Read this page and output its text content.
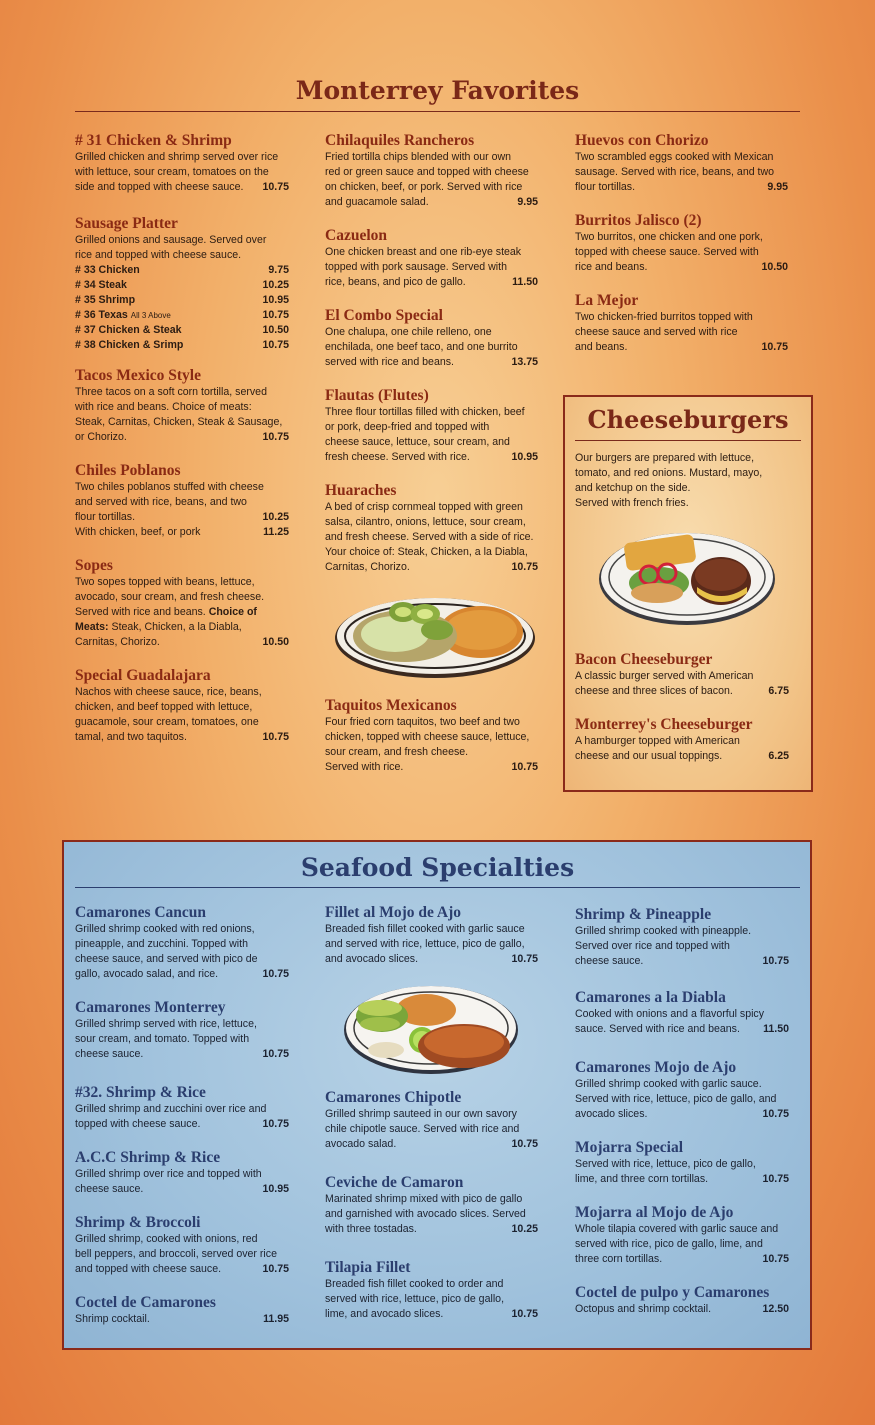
Monterrey Favorites
# 31 Chicken & Shrimp
Grilled chicken and shrimp served over rice
with lettuce, sour cream, tomatoes on the
side and topped with cheese sauce.	10.75
Sausage Platter
Grilled onions and sausage. Served over
rice and topped with cheese sauce.
# 33 Chicken	9.75
# 34 Steak	10.25
# 35 Shrimp	10.95
# 36 Texas All 3 Above	10.75
# 37 Chicken & Steak	10.50
# 38 Chicken & Srimp	10.75
Tacos Mexico Style
Three tacos on a soft corn tortilla, served
with rice and beans. Choice of meats:
Steak, Carnitas, Chicken, Steak & Sausage,
or Chorizo.	10.75
Chiles Poblanos
Two chiles poblanos stuffed with cheese
and served with rice, beans, and two
flour tortillas.	10.25
With chicken, beef, or pork	11.25
Sopes
Two sopes topped with beans, lettuce,
avocado, sour cream, and fresh cheese.
Served with rice and beans. Choice of
Meats: Steak, Chicken, a la Diabla,
Carnitas, Chorizo.	10.50
Special Guadalajara
Nachos with cheese sauce, rice, beans,
chicken, and beef topped with lettuce,
guacamole, sour cream, tomatoes, one
tamal, and two taquitos.	10.75
Chilaquiles Rancheros
Fried tortilla chips blended with our own
red or green sauce and topped with cheese
on chicken, beef, or pork. Served with rice
and guacamole salad.	9.95
Cazuelon
One chicken breast and one rib-eye steak
topped with pork sausage. Served with
rice, beans, and pico de gallo.	11.50
El Combo Special
One chalupa, one chile relleno, one
enchilada, one beef taco, and one burrito
served with rice and beans.	13.75
Flautas (Flutes)
Three flour tortillas filled with chicken, beef
or pork, deep-fried and topped with
cheese sauce, lettuce, sour cream, and
fresh cheese. Served with rice.	10.95
Huaraches
A bed of crisp cornmeal topped with green
salsa, cilantro, onions, lettuce, sour cream,
and fresh cheese. Served with a side of rice.
Your choice of: Steak, Chicken, a la Diabla,
Carnitas, Chorizo.	10.75
Taquitos Mexicanos
Four fried corn taquitos, two beef and two
chicken, topped with cheese sauce, lettuce,
sour cream, and fresh cheese.
Served with rice.	10.75
Huevos con Chorizo
Two scrambled eggs cooked with Mexican
sausage. Served with rice, beans, and two
flour tortillas.	9.95
Burritos Jalisco (2)
Two burritos, one chicken and one pork,
topped with cheese sauce. Served with
rice and beans.	10.50
La Mejor
Two chicken-fried burritos topped with
cheese sauce and served with rice
and beans.	10.75
Cheeseburgers
Our burgers are prepared with lettuce,
tomato, and red onions. Mustard, mayo,
and ketchup on the side.
Served with french fries.
Bacon Cheeseburger
A classic burger served with American
cheese and three slices of bacon.	6.75
Monterrey's Cheeseburger
A hamburger topped with American
cheese and our usual toppings.	6.25
Seafood Specialties
Camarones Cancun
Grilled shrimp cooked with red onions,
pineapple, and zucchini. Topped with
cheese sauce, and served with pico de
gallo, avocado salad, and rice.	10.75
Camarones Monterrey
Grilled shrimp served with rice, lettuce,
sour cream, and tomato. Topped with
cheese sauce.	10.75
#32. Shrimp & Rice
Grilled shrimp and zucchini over rice and
topped with cheese sauce.	10.75
A.C.C Shrimp & Rice
Grilled shrimp over rice and topped with
cheese sauce.	10.95
Shrimp & Broccoli
Grilled shrimp, cooked with onions, red
bell peppers, and broccoli, served over rice
and topped with cheese sauce.	10.75
Coctel de Camarones
Shrimp cocktail.	11.95
Fillet al Mojo de Ajo
Breaded fish fillet cooked with garlic sauce
and served with rice, lettuce, pico de gallo,
and avocado slices.	10.75
Camarones Chipotle
Grilled shrimp sauteed in our own savory
chile chipotle sauce. Served with rice and
avocado salad.	10.75
Ceviche de Camaron
Marinated shrimp mixed with pico de gallo
and garnished with avocado slices. Served
with three tostadas.	10.25
Tilapia Fillet
Breaded fish fillet cooked to order and
served with rice, lettuce, pico de gallo,
lime, and avocado slices.	10.75
Shrimp & Pineapple
Grilled shrimp cooked with pineapple.
Served over rice and topped with
cheese sauce.	10.75
Camarones a la Diabla
Cooked with onions and a flavorful spicy
sauce. Served with rice and beans.	11.50
Camarones Mojo de Ajo
Grilled shrimp cooked with garlic sauce.
Served with rice, lettuce, pico de gallo, and
avocado slices.	10.75
Mojarra Special
Served with rice, lettuce, pico de gallo,
lime, and three corn tortillas.	10.75
Mojarra al Mojo de Ajo
Whole tilapia covered with garlic sauce and
served with rice, pico de gallo, lime, and
three corn tortillas.	10.75
Coctel de pulpo y Camarones
Octopus and shrimp cocktail.	12.50
